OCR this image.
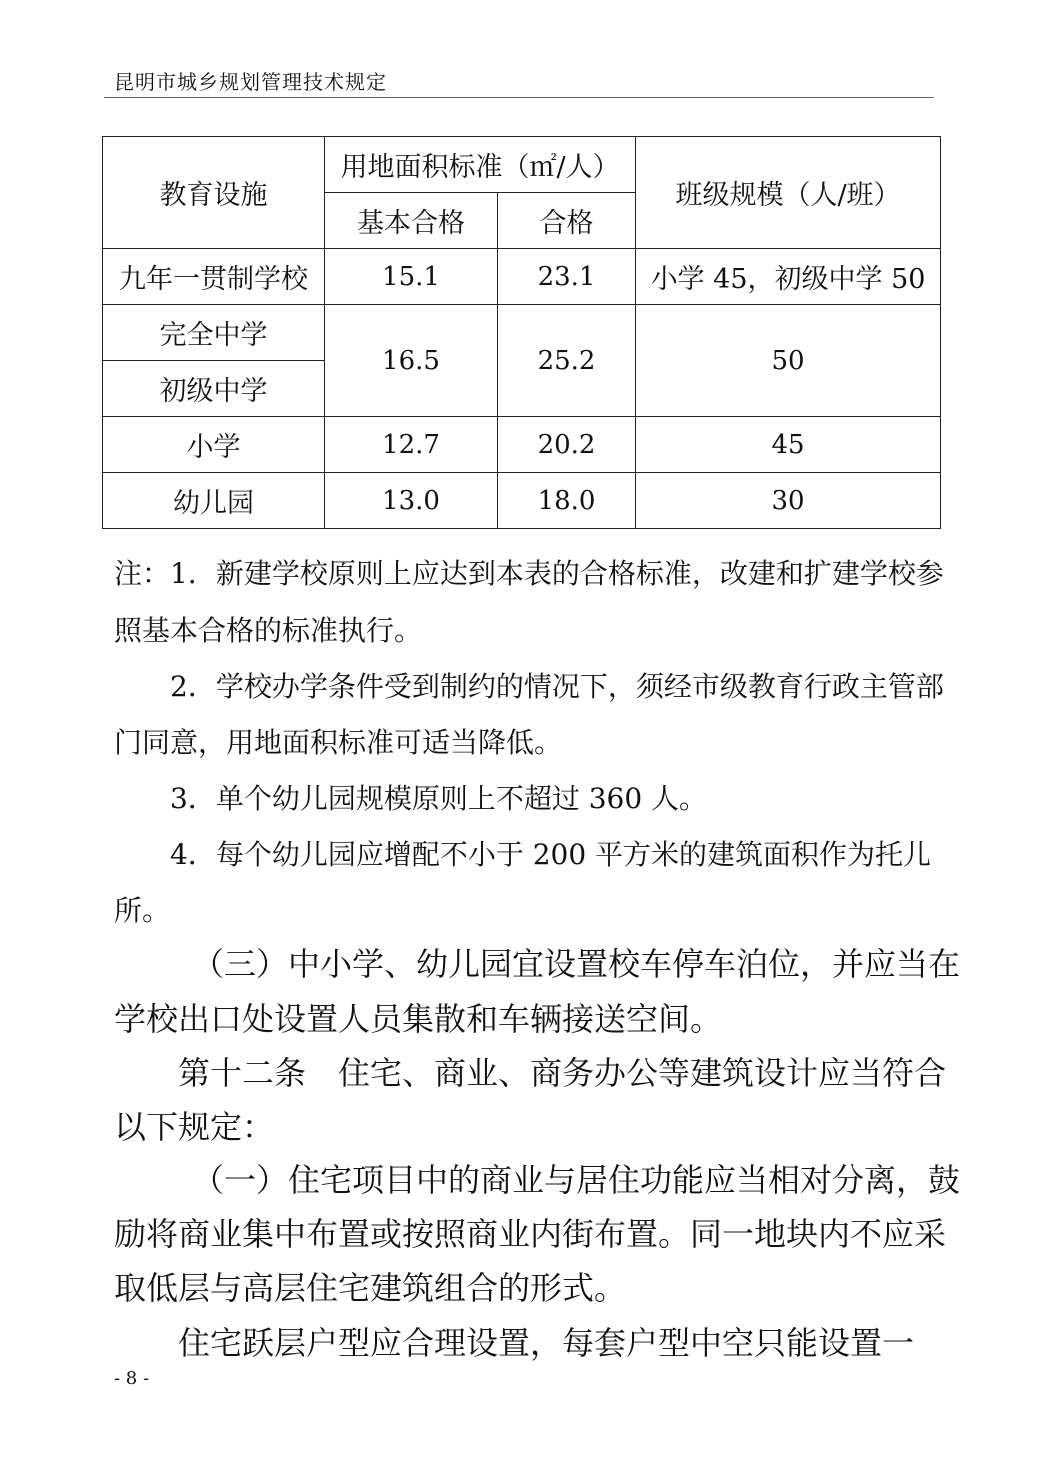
昆明市城乡规划管理技术规定
教育设施	用地面积标准（㎡/人）		班级规模（人/班）
	基本合格	合格	
九年一贯制学校	15.1	23.1	小学 45，初级中学 50
完全中学	16.5	25.2	50
初级中学			
小学	12.7	20.2	45
幼儿园	13.0	18.0	30

注：1．新建学校原则上应达到本表的合格标准，改建和扩建学校参

照基本合格的标准执行。

2．学校办学条件受到制约的情况下，须经市级教育行政主管部

门同意，用地面积标准可适当降低。

3．单个幼儿园规模原则上不超过 360 人。

4．每个幼儿园应增配不小于 200 平方米的建筑面积作为托儿

所。

（三）中小学、幼儿园宜设置校车停车泊位，并应当在

学校出口处设置人员集散和车辆接送空间。

第十二条　住宅、商业、商务办公等建筑设计应当符合

以下规定：

（一）住宅项目中的商业与居住功能应当相对分离，鼓

励将商业集中布置或按照商业内街布置。同一地块内不应采

取低层与高层住宅建筑组合的形式。

住宅跃层户型应合理设置，每套户型中空只能设置一

- 8 -
